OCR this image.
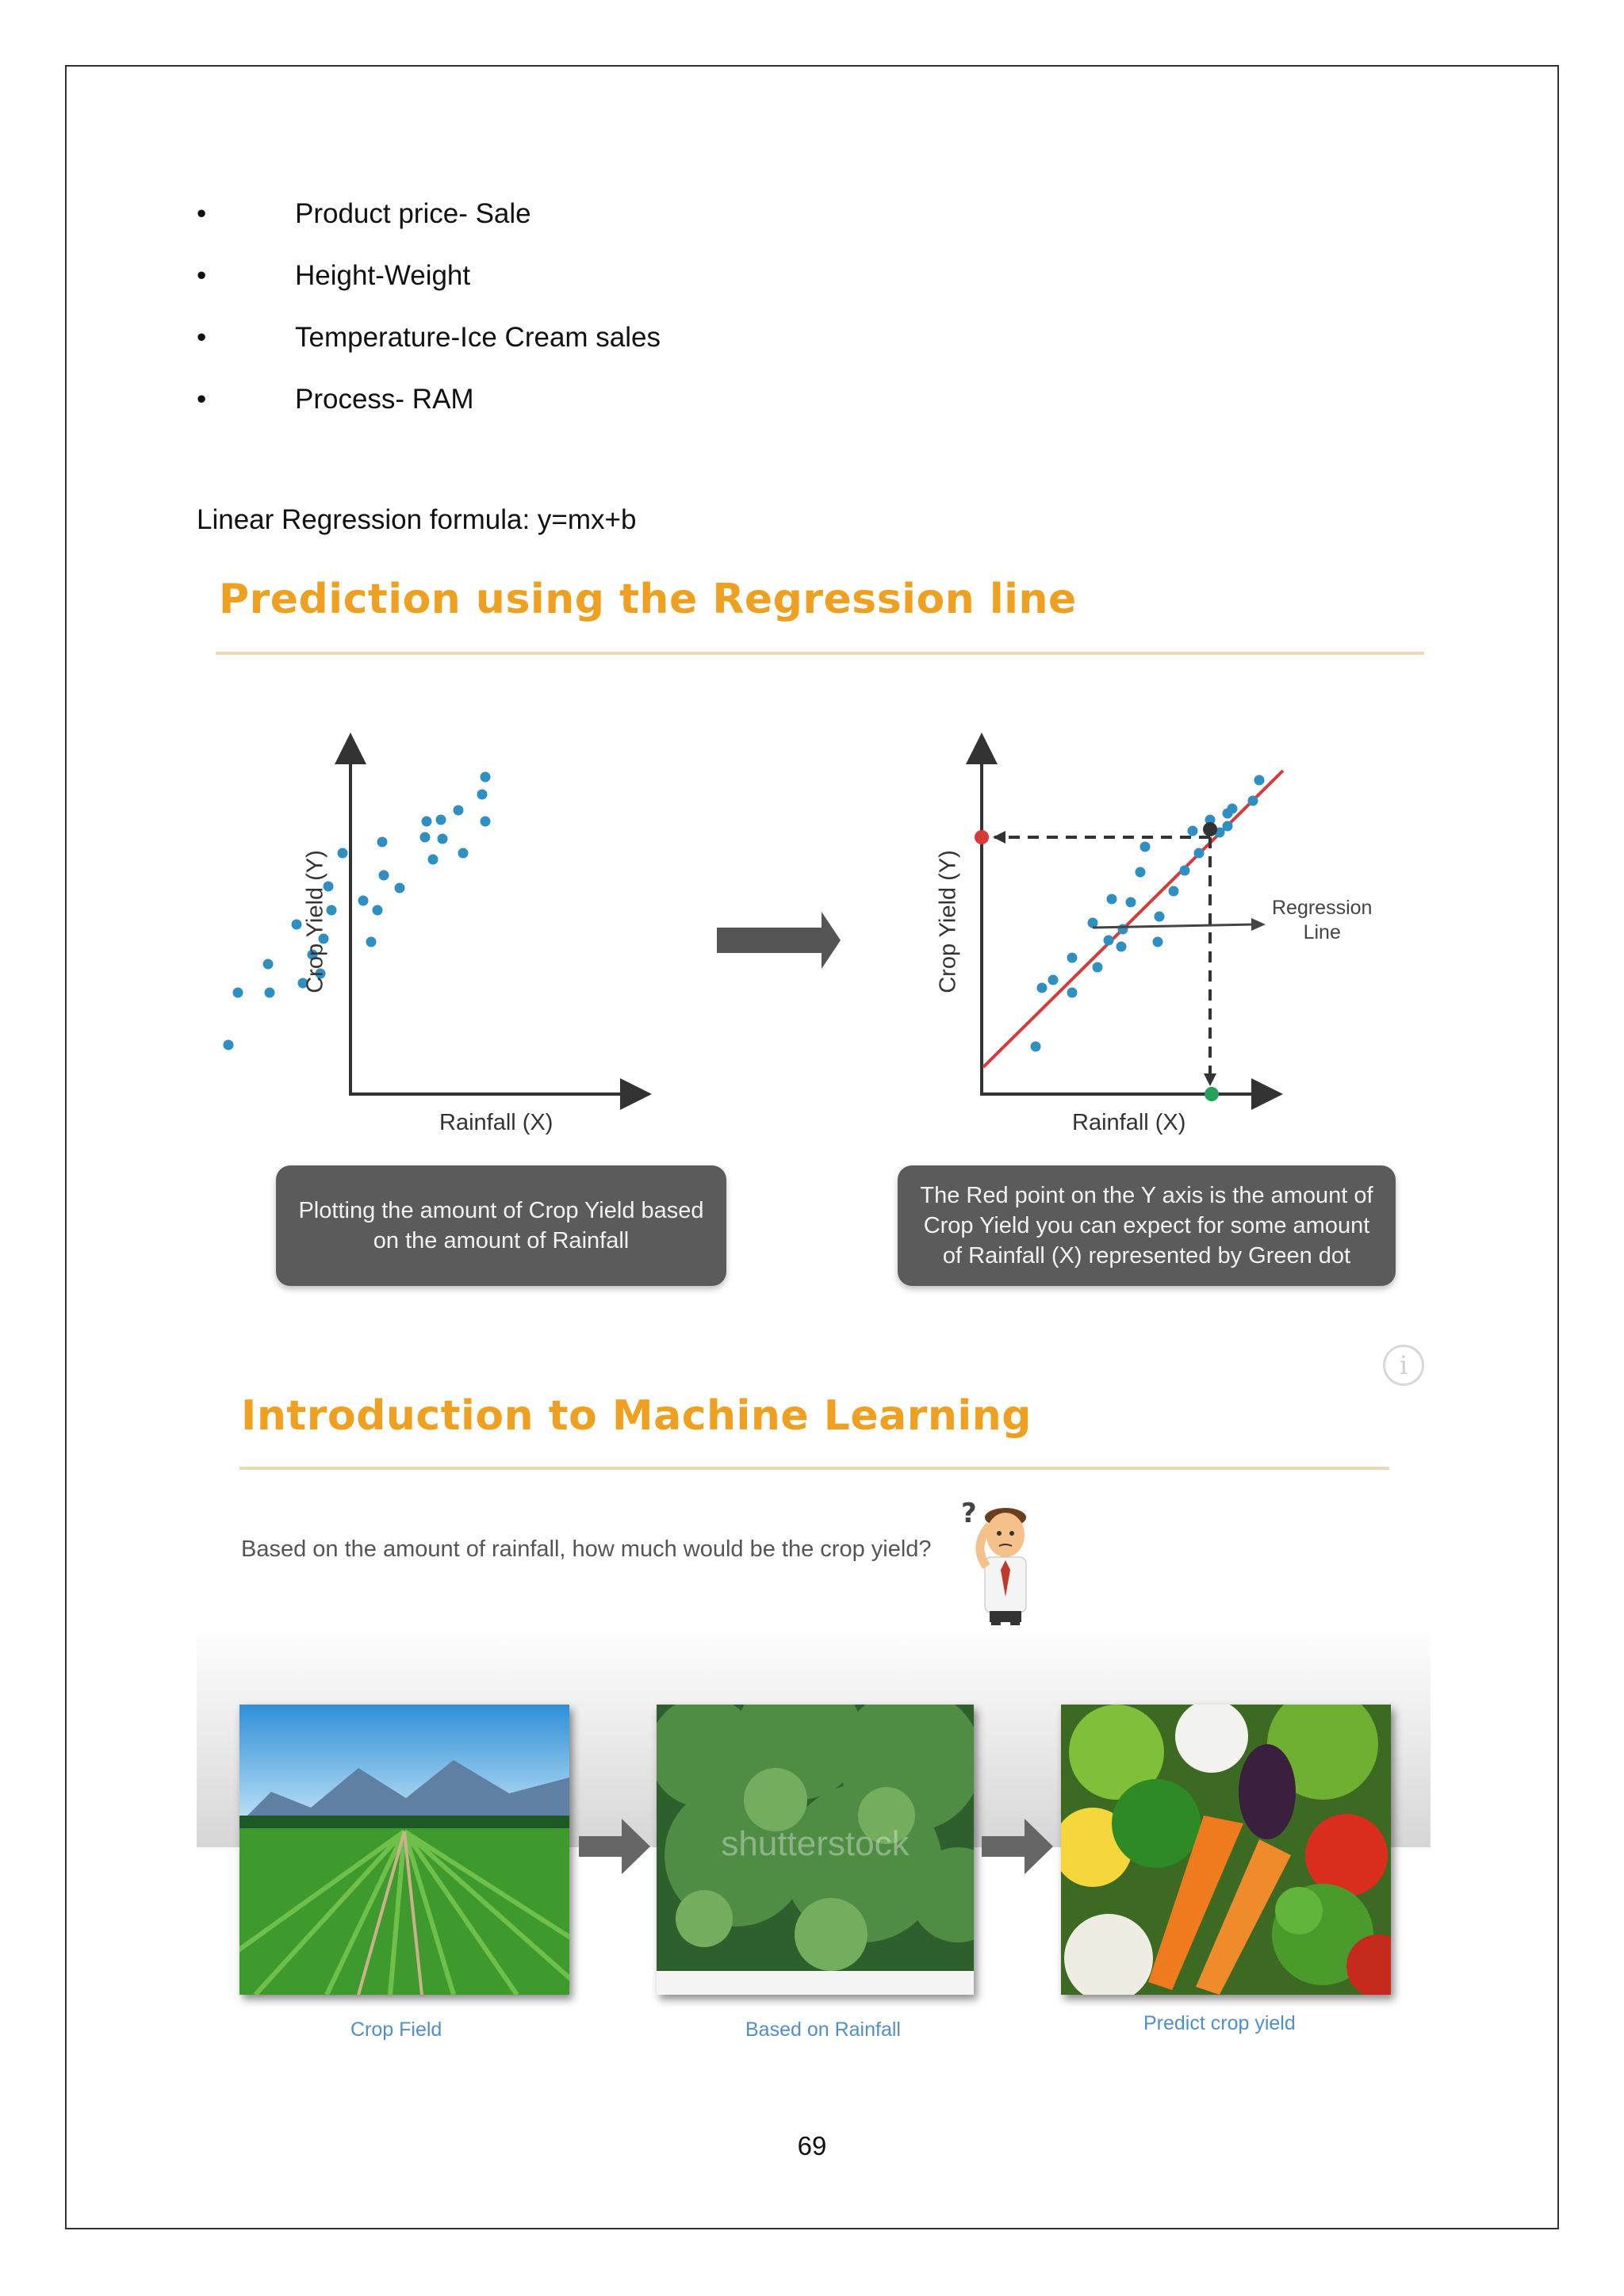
•	Product price- Sale
•	Height-Weight
•	Temperature-Ice Cream sales
•	Process- RAM
Linear Regression formula: y=mx+b
Prediction using the Regression line
Rainfall (X)
Crop Yield (Y)
Rainfall (X)
Crop Yield (Y)	Regression
Line
Plotting the amount of Crop Yield based
on the amount of Rainfall
The Red point on the Y axis is the amount of
Crop Yield you can expect for some amount
of Rainfall (X) represented by Green dot
i
Introduction to Machine Learning
Based on the amount of rainfall, how much would be the crop yield?
?
shutterstock
Crop Field	Based on Rainfall	Predict crop yield
69
